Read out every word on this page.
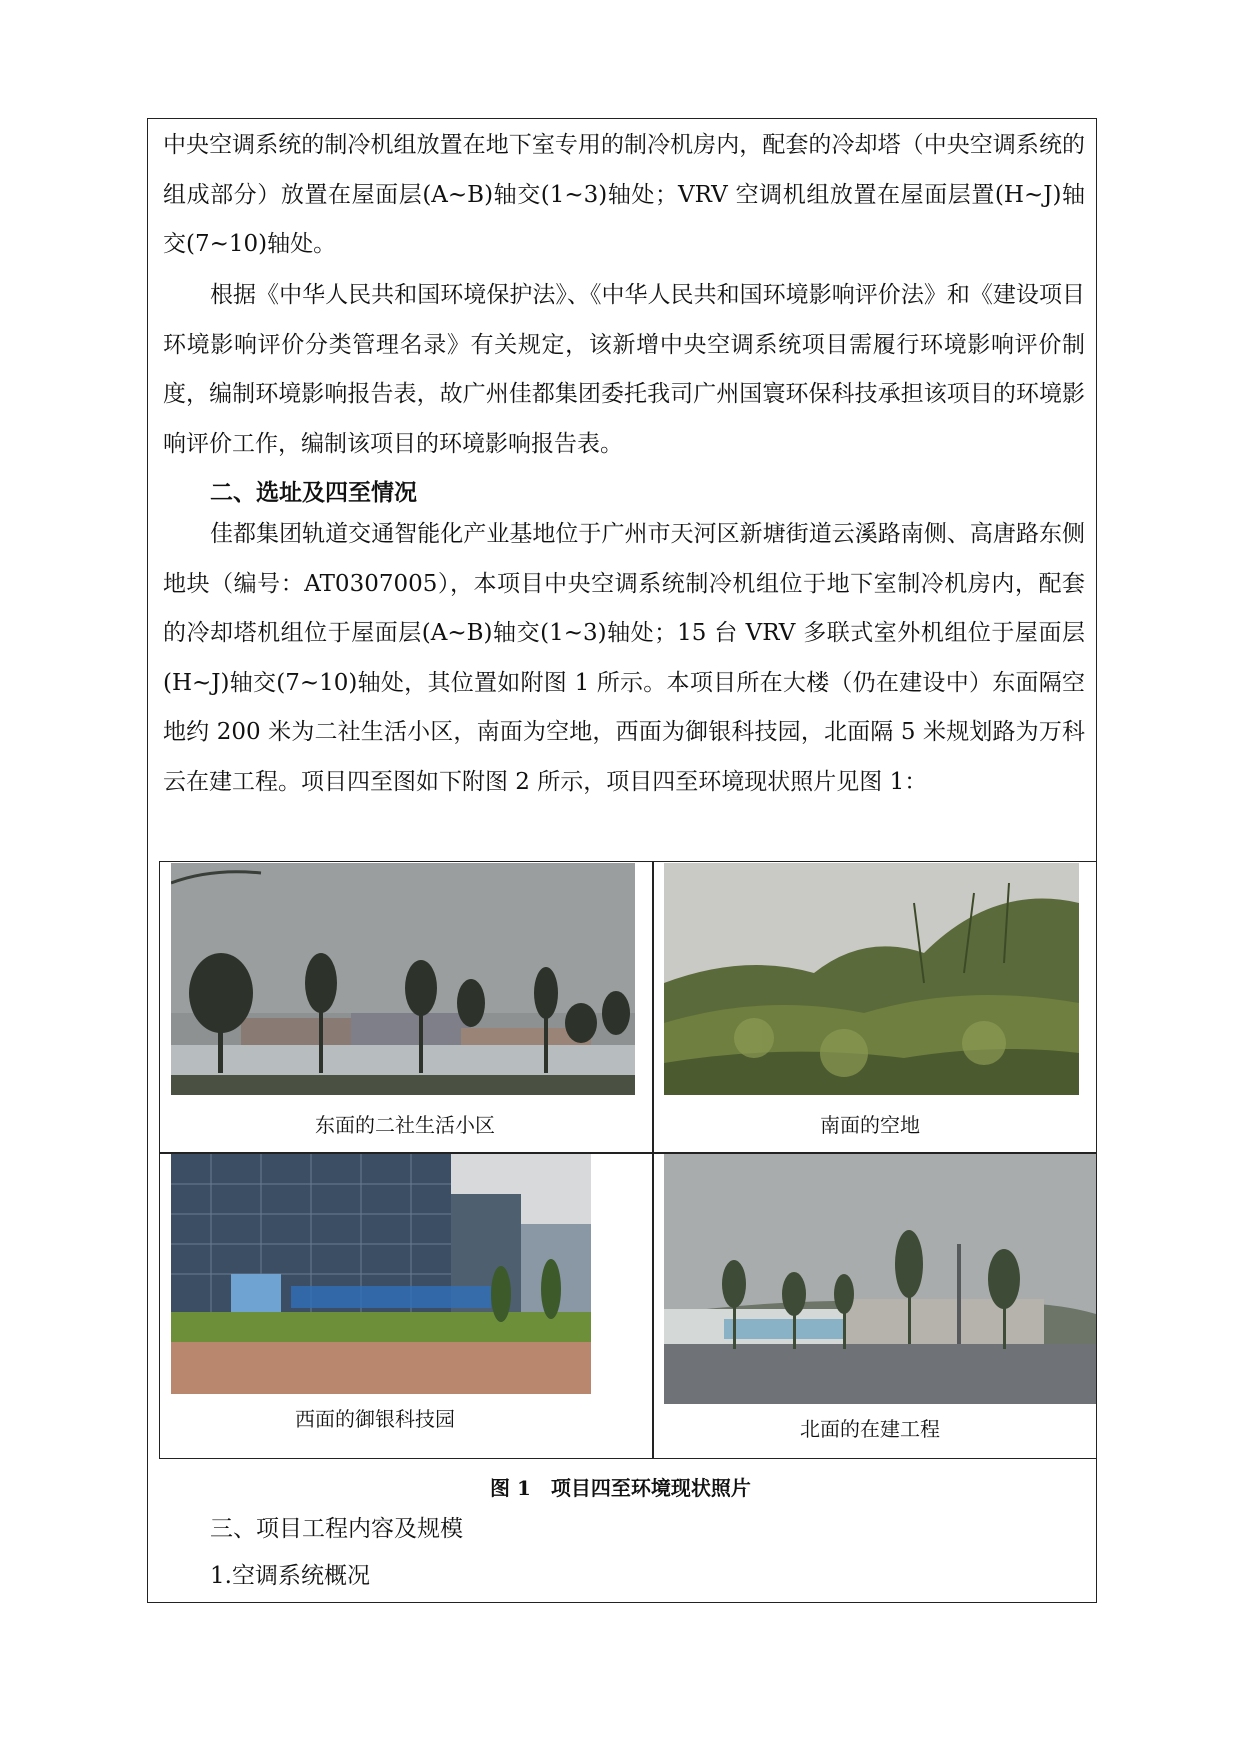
中央空调系统的制冷机组放置在地下室专用的制冷机房内，配套的冷却塔（中央空调系统的组成部分）放置在屋面层(A~B)轴交(1~3)轴处；VRV 空调机组放置在屋面层置(H~J)轴交(7~10)轴处。

根据《中华人民共和国环境保护法》、《中华人民共和国环境影响评价法》和《建设项目环境影响评价分类管理名录》有关规定，该新增中央空调系统项目需履行环境影响评价制度，编制环境影响报告表，故广州佳都集团委托我司广州国寰环保科技承担该项目的环境影响评价工作，编制该项目的环境影响报告表。

二、选址及四至情况

佳都集团轨道交通智能化产业基地位于广州市天河区新塘街道云溪路南侧、高唐路东侧地块（编号：AT0307005），本项目中央空调系统制冷机组位于地下室制冷机房内，配套的冷却塔机组位于屋面层(A~B)轴交(1~3)轴处；15 台 VRV 多联式室外机组位于屋面层(H~J)轴交(7~10)轴处，其位置如附图 1 所示。本项目所在大楼（仍在建设中）东面隔空地约 200 米为二社生活小区，南面为空地，西面为御银科技园，北面隔 5 米规划路为万科云在建工程。项目四至图如下附图 2 所示，项目四至环境现状照片见图 1：

东面的二社生活小区	南面的空地

西面的御银科技园	北面的在建工程

图 1　项目四至环境现状照片

三、项目工程内容及规模

1.空调系统概况
